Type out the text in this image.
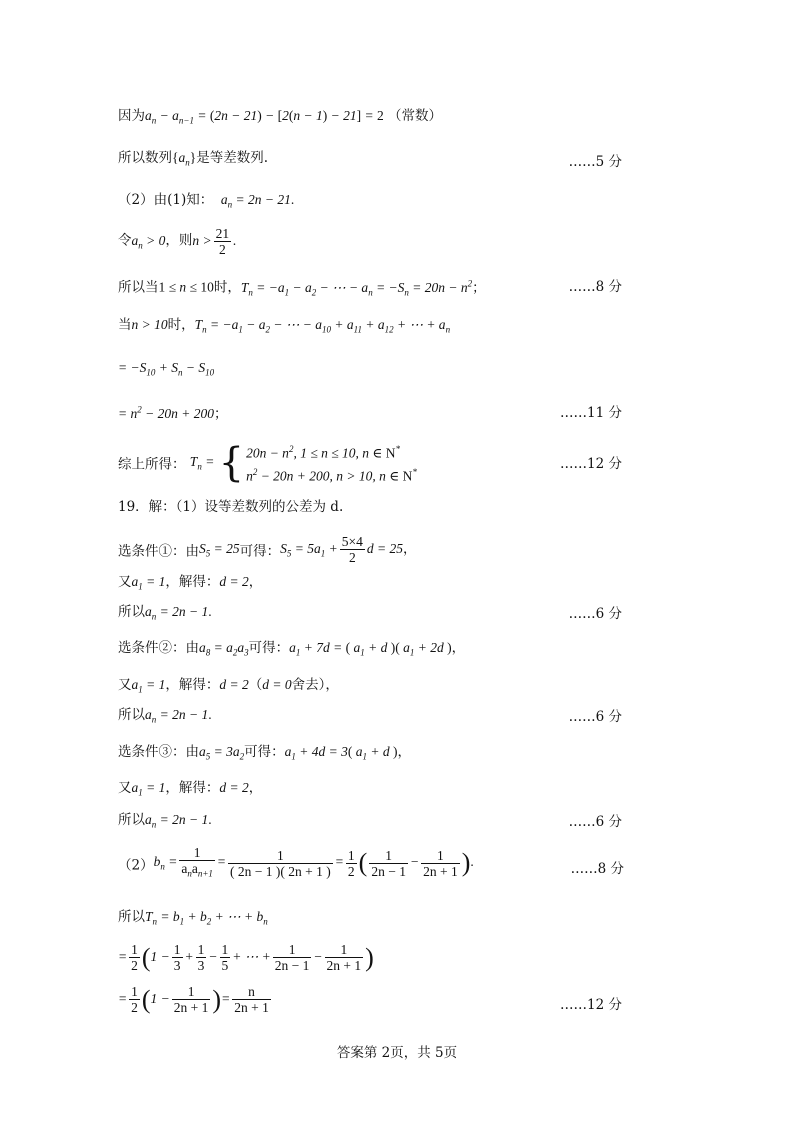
因为$a_n - a_{n-1} = (2n - 21) - [2(n - 1) - 21] = 2$ （常数）
所以数列$\{a_n\}$是等差数列.	……5 分
（2）由(1)知：  $a_n = 2n - 21$.
令$a_n > 0$，则$n > \frac{21}{2}$ .
所以当1 ≤ n ≤ 10时，$T_n = -a_1 - a_2$ − ⋯ − $a_n = -S_n = 20n - n^2$；	……8 分
当n > 10时，$T_n = -a_1 - a_2$ − ⋯ − $a_{10} + a_{11} + a_{12}$ + ⋯ + $a_n$
= $-S_{10} + S_n - S_{10}$
= $n^2 - 20n + 200$；	……11 分
综上所得： $T_n$ = { $20n - n^2$, 1 ≤ n ≤ 10, n ∈ N*
$n^2 - 20n + 200$, n > 10, n ∈ N*	……12 分
19．解：（1）设等差数列的公差为 d.
选条件①：由$S_5 = 25$可得：$S_5 = 5a_1 + \frac{5\times 4}{2}$ d = 25，
又$a_1 = 1$，解得：d = 2，
所以$a_n = 2n - 1$.	……6 分
选条件②：由$a_8 = a_2a_3$可得：$a_1 + 7d$ = ( $a_1 + d$ )( $a_1 + 2d$ )，
又$a_1 = 1$，解得：d = 2（d = 0舍去），
所以$a_n = 2n - 1$.	……6 分
选条件③：由$a_5 = 3a_2$可得：$a_1 + 4d = 3$( $a_1 + d$ )，
又$a_1 = 1$，解得：d = 2，
所以$a_n = 2n - 1$.	……6 分
$(2)b_n = \frac{1}{a_na_{n+1}} = \frac{1}{( 2n - 1 )( 2n + 1 )} = \frac{1}{2}$ ( $\frac{1}{2n - 1} - \frac{1}{2n + 1}$ ).	……8 分
所以$T_n = b_1 + b_2$ + ⋯ + $b_n$
= $\frac{1}{2} (1 - \frac{1}{3} + \frac{1}{3} - \frac{1}{5}$ + ⋯ + $\frac{1}{2n - 1} - \frac{1}{2n + 1}$ )
= $\frac{1}{2} (1 - \frac{1}{2n + 1}$ )= $\frac{n}{2n + 1}$	……12 分
答案第 2页，共 5页
